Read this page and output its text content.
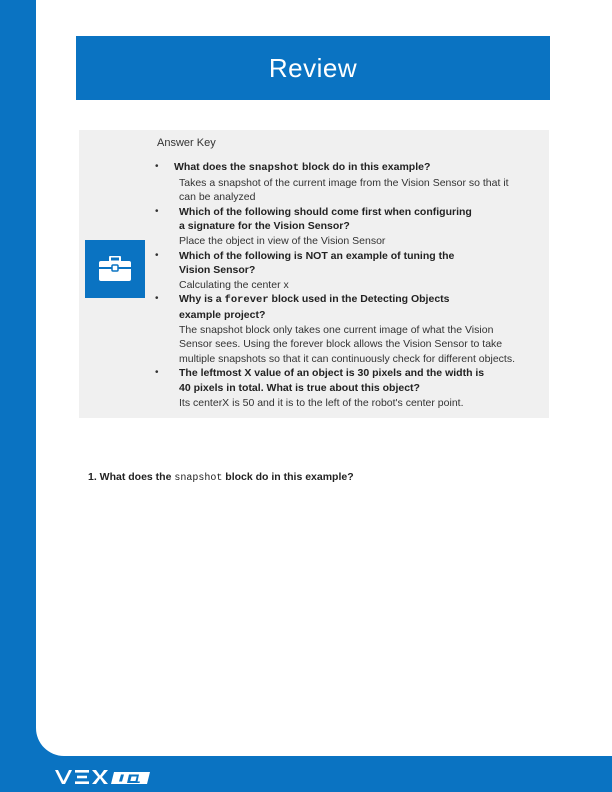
Review
Answer Key
• What does the snapshot block do in this example?
Takes a snapshot of the current image from the Vision Sensor so that it
can be analyzed
• Which of the following should come first when configuring
a signature for the Vision Sensor?
Place the object in view of the Vision Sensor
• Which of the following is NOT an example of tuning the
Vision Sensor?
Calculating the center x
• Why is a forever block used in the Detecting Objects
example project?
The snapshot block only takes one current image of what the Vision
Sensor sees. Using the forever block allows the Vision Sensor to take
multiple snapshots so that it can continuously check for different objects.
• The leftmost X value of an object is 30 pixels and the width is
40 pixels in total. What is true about this object?
Its centerX is 50 and it is to the left of the robot's center point.
1. What does the snapshot block do in this example?
